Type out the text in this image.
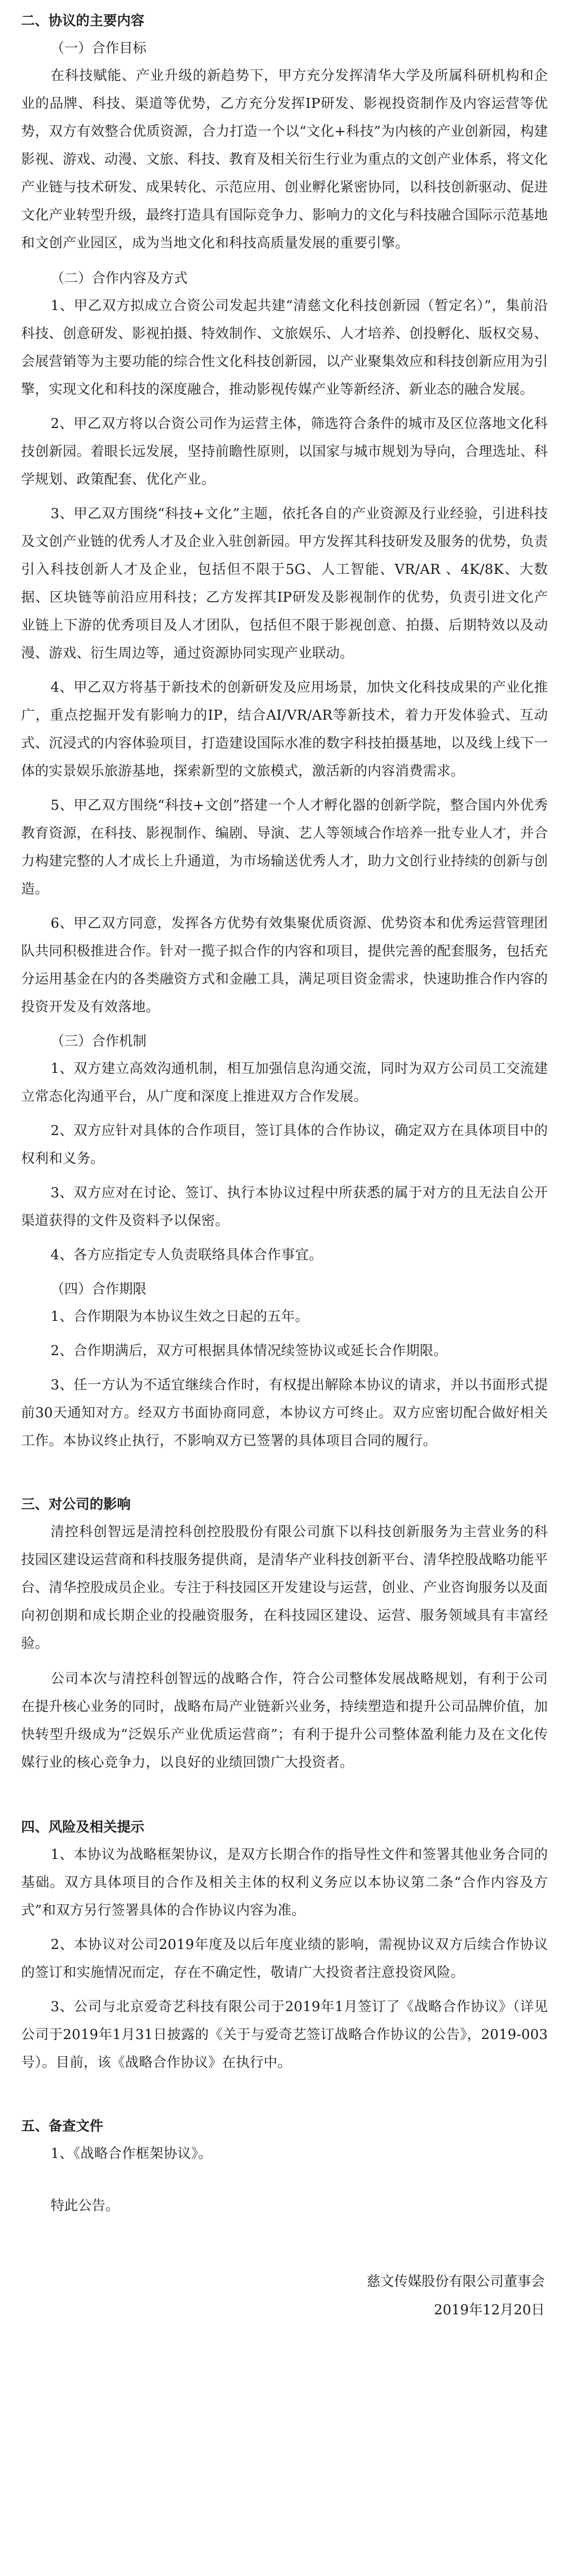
二、协议的主要内容
（一）合作目标

在科技赋能、产业升级的新趋势下，甲方充分发挥清华大学及所属科研机构和企业的品牌、科技、渠道等优势，乙方充分发挥IP研发、影视投资制作及内容运营等优势，双方有效整合优质资源，合力打造一个以“文化+科技”为内核的产业创新园，构建影视、游戏、动漫、文旅、科技、教育及相关衍生行业为重点的文创产业体系，将文化产业链与技术研发、成果转化、示范应用、创业孵化紧密协同，以科技创新驱动、促进文化产业转型升级，最终打造具有国际竞争力、影响力的文化与科技融合国际示范基地和文创产业园区，成为当地文化和科技高质量发展的重要引擎。

（二）合作内容及方式

1、甲乙双方拟成立合资公司发起共建“清慈文化科技创新园（暂定名）”，集前沿科技、创意研发、影视拍摄、特效制作、文旅娱乐、人才培养、创投孵化、版权交易、会展营销等为主要功能的综合性文化科技创新园，以产业聚集效应和科技创新应用为引擎，实现文化和科技的深度融合，推动影视传媒产业等新经济、新业态的融合发展。

2、甲乙双方将以合资公司作为运营主体，筛选符合条件的城市及区位落地文化科技创新园。着眼长远发展，坚持前瞻性原则，以国家与城市规划为导向，合理选址、科学规划、政策配套、优化产业。

3、甲乙双方围绕“科技+文化”主题，依托各自的产业资源及行业经验，引进科技及文创产业链的优秀人才及企业入驻创新园。甲方发挥其科技研发及服务的优势，负责引入科技创新人才及企业，包括但不限于5G、人工智能、VR/AR 、4K/8K、大数据、区块链等前沿应用科技；乙方发挥其IP研发及影视制作的优势，负责引进文化产业链上下游的优秀项目及人才团队，包括但不限于影视创意、拍摄、后期特效以及动漫、游戏、衍生周边等，通过资源协同实现产业联动。

4、甲乙双方将基于新技术的创新研发及应用场景，加快文化科技成果的产业化推广，重点挖掘开发有影响力的IP，结合AI/VR/AR等新技术，着力开发体验式、互动式、沉浸式的内容体验项目，打造建设国际水准的数字科技拍摄基地，以及线上线下一体的实景娱乐旅游基地，探索新型的文旅模式，激活新的内容消费需求。

5、甲乙双方围绕“科技+文创”搭建一个人才孵化器的创新学院，整合国内外优秀教育资源，在科技、影视制作、编剧、导演、艺人等领域合作培养一批专业人才，并合力构建完整的人才成长上升通道，为市场输送优秀人才，助力文创行业持续的创新与创造。

6、甲乙双方同意，发挥各方优势有效集聚优质资源、优势资本和优秀运营管理团队共同积极推进合作。针对一揽子拟合作的内容和项目，提供完善的配套服务，包括充分运用基金在内的各类融资方式和金融工具，满足项目资金需求，快速助推合作内容的投资开发及有效落地。

（三）合作机制

1、双方建立高效沟通机制，相互加强信息沟通交流，同时为双方公司员工交流建立常态化沟通平台，从广度和深度上推进双方合作发展。

2、双方应针对具体的合作项目，签订具体的合作协议，确定双方在具体项目中的权利和义务。

3、双方应对在讨论、签订、执行本协议过程中所获悉的属于对方的且无法自公开渠道获得的文件及资料予以保密。

4、各方应指定专人负责联络具体合作事宜。

（四）合作期限

1、合作期限为本协议生效之日起的五年。

2、合作期满后，双方可根据具体情况续签协议或延长合作期限。

3、任一方认为不适宜继续合作时，有权提出解除本协议的请求，并以书面形式提前30天通知对方。经双方书面协商同意，本协议方可终止。双方应密切配合做好相关工作。本协议终止执行，不影响双方已签署的具体项目合同的履行。

三、对公司的影响

清控科创智远是清控科创控股股份有限公司旗下以科技创新服务为主营业务的科技园区建设运营商和科技服务提供商，是清华产业科技创新平台、清华控股战略功能平台、清华控股成员企业。专注于科技园区开发建设与运营，创业、产业咨询服务以及面向初创期和成长期企业的投融资服务，在科技园区建设、运营、服务领域具有丰富经验。

公司本次与清控科创智远的战略合作，符合公司整体发展战略规划，有利于公司在提升核心业务的同时，战略布局产业链新兴业务，持续塑造和提升公司品牌价值，加快转型升级成为“泛娱乐产业优质运营商”；有利于提升公司整体盈利能力及在文化传媒行业的核心竞争力，以良好的业绩回馈广大投资者。

四、风险及相关提示

1、本协议为战略框架协议，是双方长期合作的指导性文件和签署其他业务合同的基础。双方具体项目的合作及相关主体的权利义务应以本协议第二条“合作内容及方式”和双方另行签署具体的合作协议内容为准。

2、本协议对公司2019年度及以后年度业绩的影响，需视协议双方后续合作协议的签订和实施情况而定，存在不确定性，敬请广大投资者注意投资风险。

3、公司与北京爱奇艺科技有限公司于2019年1月签订了《战略合作协议》（详见公司于2019年1月31日披露的《关于与爱奇艺签订战略合作协议的公告》，2019-003号）。目前，该《战略合作协议》在执行中。

五、备查文件

1、《战略合作框架协议》。

特此公告。

慈文传媒股份有限公司董事会

2019年12月20日
